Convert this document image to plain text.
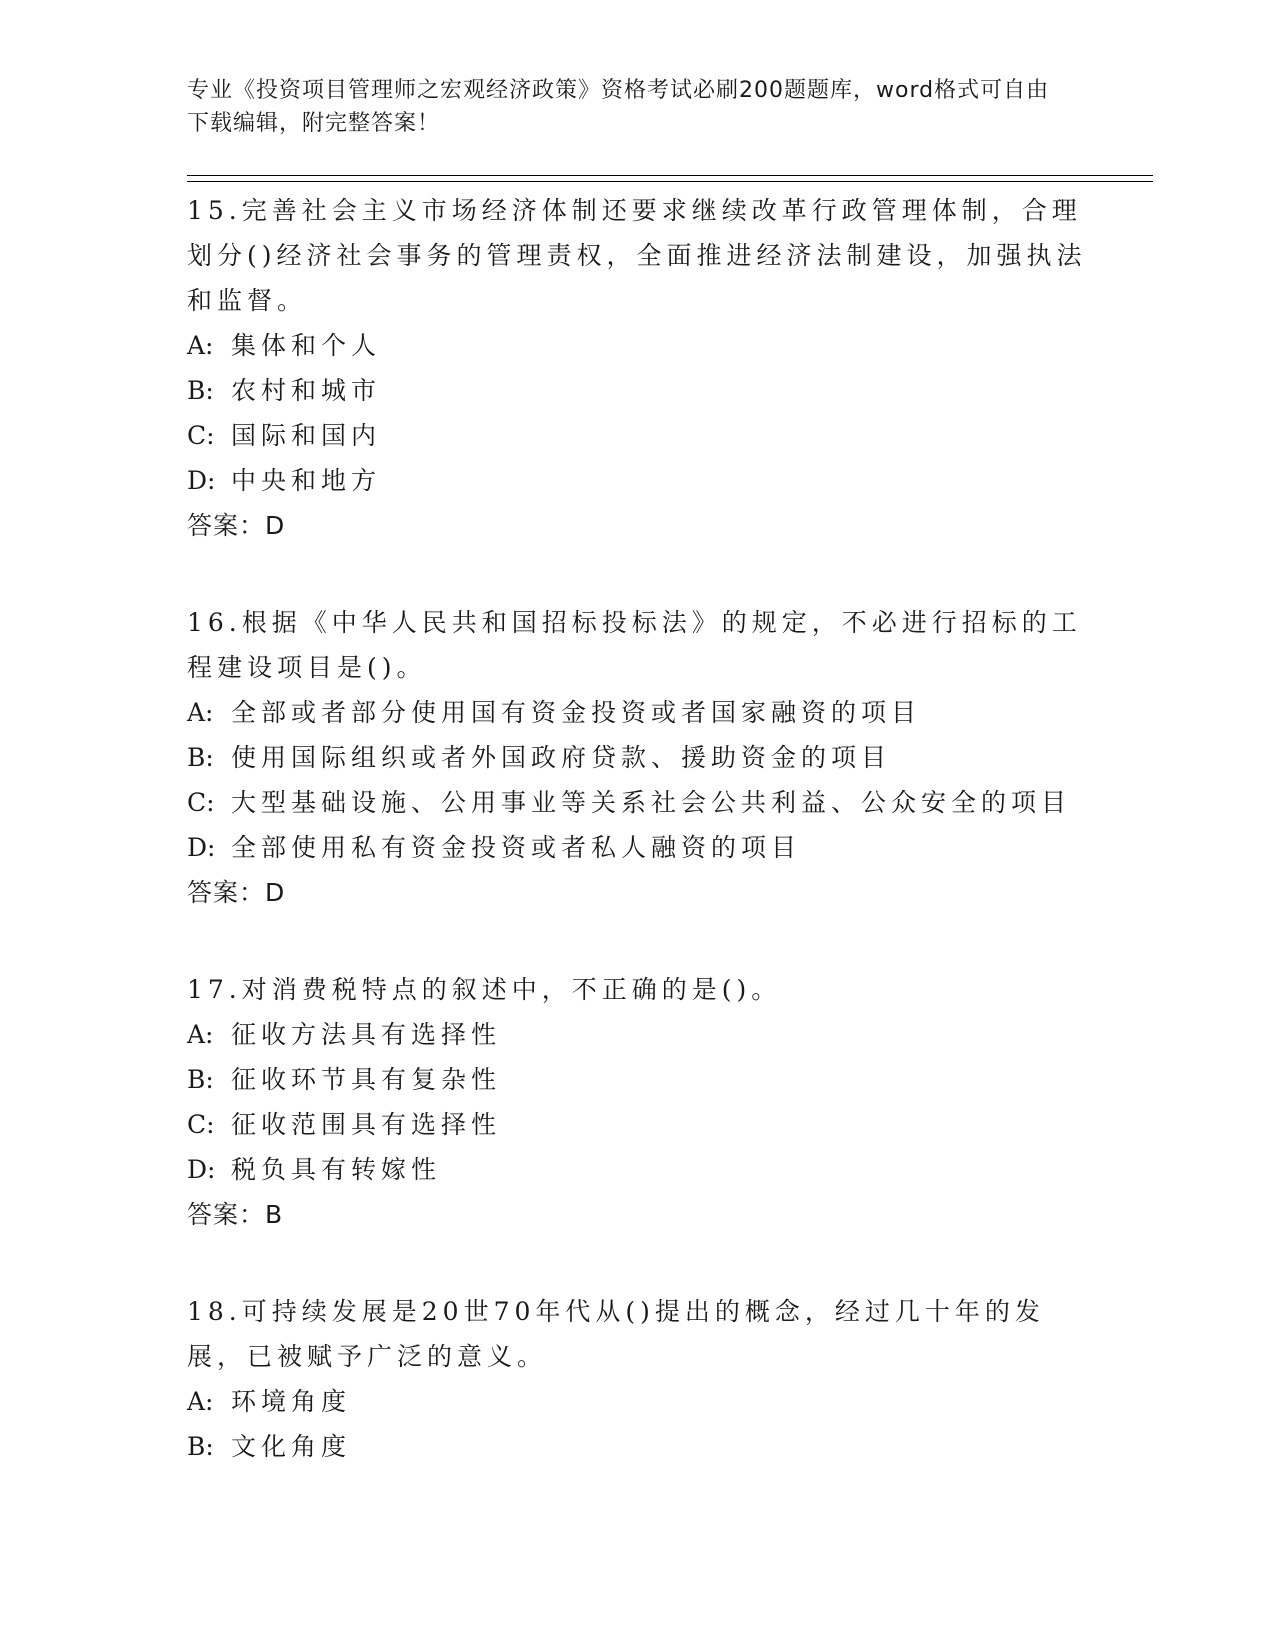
专业《投资项目管理师之宏观经济政策》资格考试必刷200题题库，word格式可自由下载编辑，附完整答案！

15.完善社会主义市场经济体制还要求继续改革行政管理体制，合理划分()经济社会事务的管理责权，全面推进经济法制建设，加强执法和监督。

A: 集体和个人

B: 农村和城市

C: 国际和国内

D: 中央和地方

答案：D

16.根据《中华人民共和国招标投标法》的规定，不必进行招标的工程建设项目是()。

A: 全部或者部分使用国有资金投资或者国家融资的项目

B: 使用国际组织或者外国政府贷款、援助资金的项目

C: 大型基础设施、公用事业等关系社会公共利益、公众安全的项目

D: 全部使用私有资金投资或者私人融资的项目

答案：D

17.对消费税特点的叙述中，不正确的是()。

A: 征收方法具有选择性

B: 征收环节具有复杂性

C: 征收范围具有选择性

D: 税负具有转嫁性

答案：B

18.可持续发展是20世70年代从()提出的概念，经过几十年的发展，已被赋予广泛的意义。

A: 环境角度

B: 文化角度
